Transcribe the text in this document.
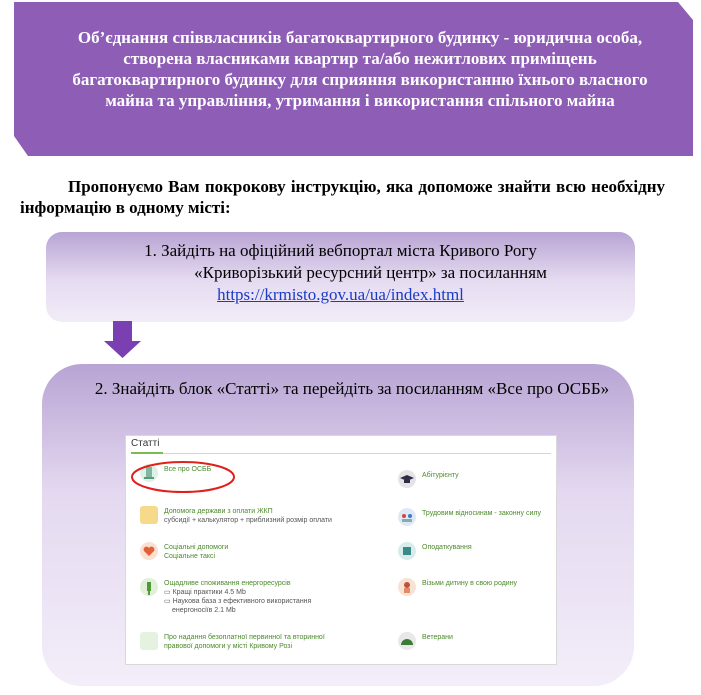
Об’єднання співвласників багатоквартирного будинку - юридична особа, створена власниками квартир та/або нежитлових приміщень багатоквартирного будинку для сприяння використанню їхнього власного майна та управління, утримання і використання спільного майна
Пропонуємо Вам покрокову інструкцію, яка допоможе знайти всю необхідну інформацію в одному місті:
1. Зайдіть на офіційний вебпортал міста Кривого Рогу
«Криворізький ресурсний центр» за посиланням
https://krmisto.gov.ua/ua/index.html
2. Знайдіть блок «Статті» та перейдіть за посиланням «Все про ОСББ»
Статті
Все про ОСББ
Допомога держави з оплати ЖКП
субсидії + калькулятор + приблизний розмір оплати
Соціальні допомоги
Соціальне таксі
Ощадливе споживання енергоресурсів
▭ Кращі практики 4.5 Mb
▭ Наукова база з ефективного використання
енергоносіїв 2.1 Mb
Про надання безоплатної первинної та вторинної
правової допомоги у місті Кривому Розі
Абітурієнту
Трудовим відносинам - законну силу
Оподаткування
Візьми дитину в свою родину
Ветерани
